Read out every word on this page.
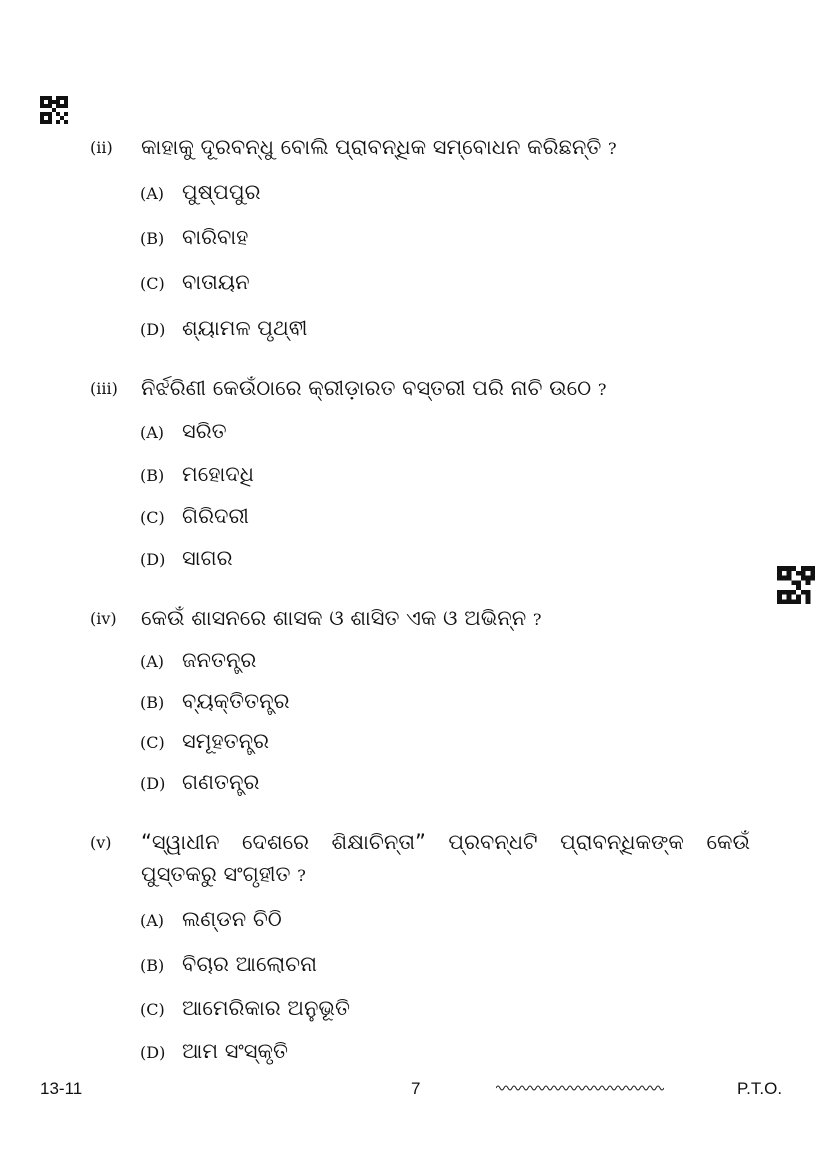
(ii)	କାହାକୁ ଦୂରବନ୍ଧୁ ବୋଲି ପ୍ରାବନ୍ଧିକ ସମ୍ବୋଧନ କରିଛନ୍ତି ?
(A) ପୁଷ୍ପପୁର
(B) ବାରିବାହ
(C) ବାତାୟନ
(D) ଶ୍ୟାମଳ ପୃଥ୍ଵୀ
(iii)	ନିର୍ଝରିଣୀ କେଉଁଠାରେ କ୍ରୀଡ଼ାରତ ବସ୍ତରୀ ପରି ନାଚି ଉଠେ ?
(A) ସରିତ
(B) ମହୋଦଧି
(C) ଗିରିଦରୀ
(D) ସାଗର
(iv)	କେଉଁ ଶାସନରେ ଶାସକ ଓ ଶାସିତ ଏକ ଓ ଅଭିନ୍ନ ?
(A) ଜନତନ୍ତ୍ର
(B) ବ୍ୟକ୍ତିତନ୍ତ୍ର
(C) ସମୂହତନ୍ତ୍ର
(D) ଗଣତନ୍ତ୍ର
(v)	“ସ୍ୱାଧୀନ ଦେଶରେ ଶିକ୍ଷାଚିନ୍ତା” ପ୍ରବନ୍ଧଟି ପ୍ରାବନ୍ଧିକଙ୍କ କେଉଁ ପୁସ୍ତକରୁ ସଂଗୃହୀତ ?
(A) ଲଣ୍ଡନ ଚିଠି
(B) ବିଚାର ଆଲୋଚନା
(C) ଆମେରିକାର ଅନୁଭୂତି
(D) ଆମ ସଂସ୍କୃତି
13-11	7	P.T.O.
